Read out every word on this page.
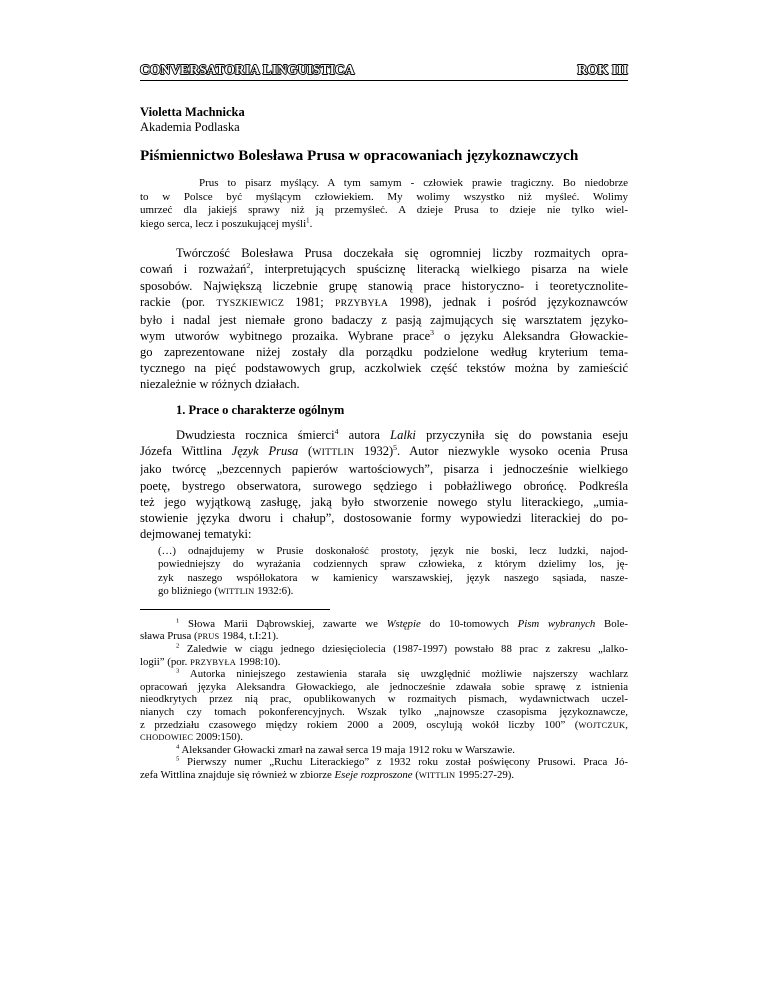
CONVERSATORIA LINGUISTICA	ROK III
Violetta Machnicka
Akademia Podlaska
Piśmiennictwo Bolesława Prusa w opracowaniach językoznawczych
Prus to pisarz myślący. A tym samym - człowiek prawie tragiczny. Bo niedobrze
to w Polsce być myślącym człowiekiem. My wolimy wszystko niż myśleć. Wolimy
umrzeć dla jakiejś sprawy niż ją przemyśleć. A dzieje Prusa to dzieje nie tylko wiel-
kiego serca, lecz i poszukującej myśli$^1$.
Twórczość Bolesława Prusa doczekała się ogromniej liczby rozmaitych opra-
cowań i rozważań$^2$, interpretujących spuściznę literacką wielkiego pisarza na wiele
sposobów. Największą liczebnie grupę stanowią prace historyczno- i teoretycznolite-
rackie (por. TYSZKIEWICZ 1981; PRZYBYŁA 1998), jednak i pośród językoznawców
było i nadal jest niemałe grono badaczy z pasją zajmujących się warsztatem języko-
wym utworów wybitnego prozaika. Wybrane prace$^3$ o języku Aleksandra Głowackie-
go zaprezentowane niżej zostały dla porządku podzielone według kryterium tema-
tycznego na pięć podstawowych grup, aczkolwiek część tekstów można by zamieścić
niezależnie w różnych działach.
1. Prace o charakterze ogólnym
Dwudziesta rocznica śmierci$^4$ autora Lalki przyczyniła się do powstania eseju
Józefa Wittlina Język Prusa (WITTLIN 1932)$^5$. Autor niezwykle wysoko ocenia Prusa
jako twórcę „bezcennych papierów wartościowych”, pisarza i jednocześnie wielkiego
poetę, bystrego obserwatora, surowego sędziego i pobłażliwego obrońcę. Podkreśla
też jego wyjątkową zasługę, jaką było stworzenie nowego stylu literackiego, „umia-
stowienie języka dworu i chałup”, dostosowanie formy wypowiedzi literackiej do po-
dejmowanej tematyki:
(…) odnajdujemy w Prusie doskonałość prostoty, język nie boski, lecz ludzki, najod-
powiedniejszy do wyrażania codziennych spraw człowieka, z którym dzielimy los, ję-
zyk naszego współlokatora w kamienicy warszawskiej, język naszego sąsiada, nasze-
go bliźniego (WITTLIN 1932:6).
$^1$ Słowa Marii Dąbrowskiej, zawarte we Wstępie do 10-tomowych Pism wybranych Bole-
sława Prusa (PRUS 1984, t.I:21).
$^2$ Zaledwie w ciągu jednego dziesięciolecia (1987-1997) powstało 88 prac z zakresu „lalko-
logii” (por. PRZYBYŁA 1998:10).
$^3$ Autorka niniejszego zestawienia starała się uwzględnić możliwie najszerszy wachlarz
opracowań języka Aleksandra Głowackiego, ale jednocześnie zdawała sobie sprawę z istnienia
nieodkrytych przez nią prac, opublikowanych w rozmaitych pismach, wydawnictwach uczel-
nianych czy tomach pokonferencyjnych. Wszak tylko „najnowsze czasopisma językoznawcze,
z przedziału czasowego między rokiem 2000 a 2009, oscylują wokół liczby 100” (WOJTCZUK,
CHODOWIEC 2009:150).
$^4$ Aleksander Głowacki zmarł na zawał serca 19 maja 1912 roku w Warszawie.
$^5$ Pierwszy numer „Ruchu Literackiego” z 1932 roku został poświęcony Prusowi. Praca Jó-
zefa Wittlina znajduje się również w zbiorze Eseje rozproszone (WITTLIN 1995:27-29).
